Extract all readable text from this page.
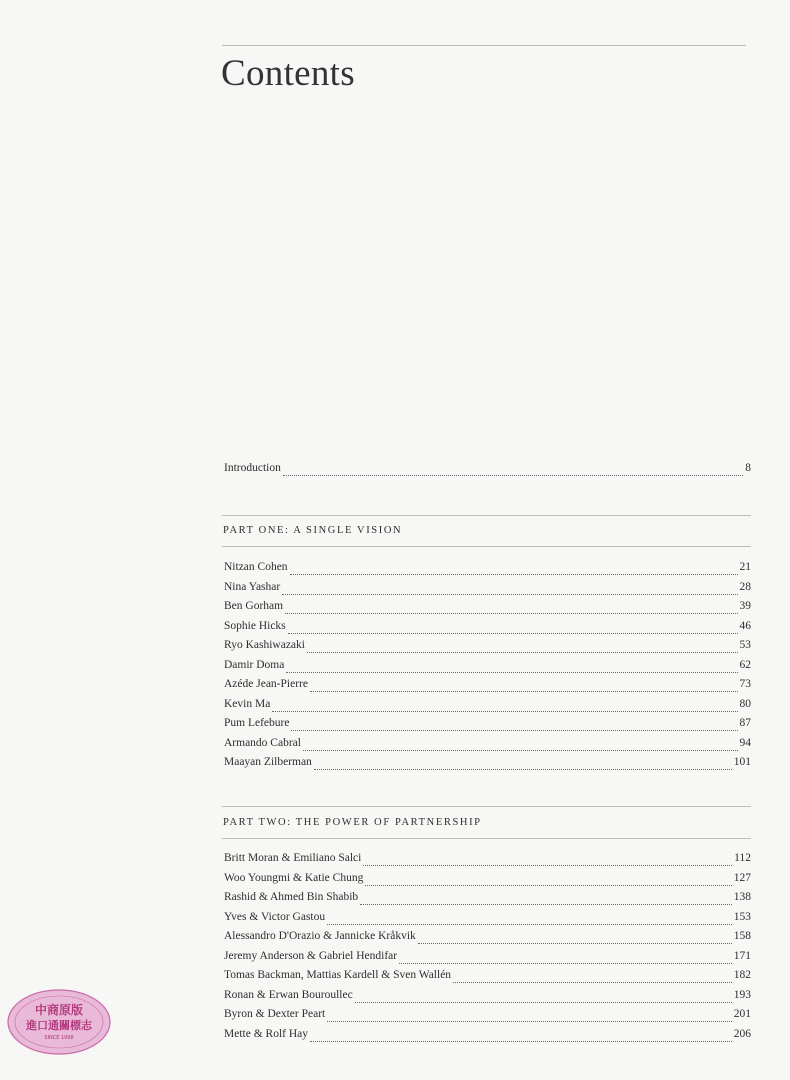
Contents
Introduction	8
PART ONE: A SINGLE VISION
Nitzan Cohen	21
Nina Yashar	28
Ben Gorham	39
Sophie Hicks	46
Ryo Kashiwazaki	53
Damir Doma	62
Azéde Jean-Pierre	73
Kevin Ma	80
Pum Lefebure	87
Armando Cabral	94
Maayan Zilberman	101
PART TWO: THE POWER OF PARTNERSHIP
Britt Moran & Emiliano Salci	112
Woo Youngmi & Katie Chung	127
Rashid & Ahmed Bin Shabib	138
Yves & Victor Gastou	153
Alessandro D'Orazio & Jannicke Kråkvik	158
Jeremy Anderson & Gabriel Hendifar	171
Tomas Backman, Mattias Kardell & Sven Wallén	182
Ronan & Erwan Bouroullec	193
Byron & Dexter Peart	201
Mette & Rolf Hay	206
中商原版
進口通關標志
SINCE 1998
